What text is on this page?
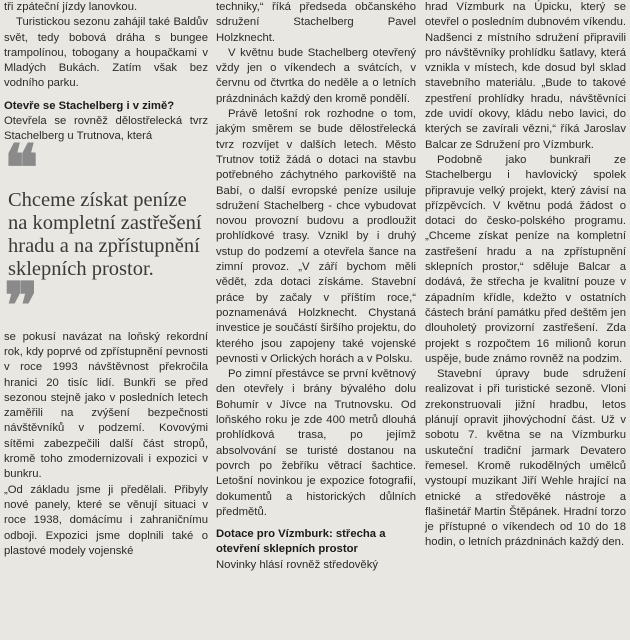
tři zpáteční jízdy lanovkou.

Turistickou sezonu zahájil také Baldův svět, tedy bobová dráha s bungee trampolínou, tobogany a houpačkami v Mladých Bukách. Zatím však bez vodního parku.

Otevře se Stachelberg i v zimě?

Otevřela se rovněž dělostřelecká tvrz Stachelberg u Trutnova, která

❝

Chceme získat peníze na kompletní zastřešení hradu a na zpřístupnění sklepních prostor.

❞

se pokusí navázat na loňský rekordní rok, kdy poprvé od zpřístupnění pevnosti v roce 1993 návštěvnost překročila hranici 20 tisíc lidí. Bunkři se před sezonou stejně jako v posledních letech zaměřili na zvýšení bezpečnosti návštěvníků v podzemí. Kovovými sítěmi zabezpečili další část stropů, kromě toho zmodernizovali i expozici v bunkru.

„Od základu jsme ji předělali. Přibyly nové panely, které se věnují situaci v roce 1938, domácímu i zahraničnímu odboji. Expozici jsme doplnili také o plastové modely vojenské

techniky,“ říká předseda občanského sdružení Stachelberg Pavel Holzknecht.

V květnu bude Stachelberg otevřený vždy jen o víkendech a svátcích, v červnu od čtvrtka do neděle a o letních prázdninách každý den kromě pondělí.

Právě letošní rok rozhodne o tom, jakým směrem se bude dělostřelecká tvrz rozvíjet v dalších letech. Město Trutnov totiž žádá o dotaci na stavbu potřebného záchytného parkoviště na Babí, o další evropské peníze usiluje sdružení Stachelberg - chce vybudovat novou provozní budovu a prodloužit prohlídkové trasy. Vznikl by i druhý vstup do podzemí a otevřela šance na zimní provoz. „V září bychom měli vědět, zda dotaci získáme. Stavební práce by začaly v příštím roce,“ poznamenává Holzknecht. Chystaná investice je součástí širšího projektu, do kterého jsou zapojeny také vojenské pevnosti v Orlických horách a v Polsku.

Po zimní přestávce se první květnový den otevřely i brány bývalého dolu Bohumír v Jívce na Trutnovsku. Od loňského roku je zde 400 metrů dlouhá prohlídková trasa, po jejímž absolvování se turisté dostanou na povrch po žebříku větrací šachtice. Letošní novinkou je expozice fotografií, dokumentů a historických důlních předmětů.

Dotace pro Vízmburk: střecha a otevření sklepních prostor

Novinky hlásí rovněž středověký

hrad Vízmburk na Úpicku, který se otevřel o posledním dubnovém víkendu. Nadšenci z místního sdružení připravili pro návštěvníky prohlídku šatlavy, která vznikla v místech, kde dosud byl sklad stavebního materiálu. „Bude to takové zpestření prohlídky hradu, návštěvníci zde uvidí okovy, kládu nebo lavici, do kterých se zavírali vězni,“ říká Jaroslav Balcar ze Sdružení pro Vízmburk.

Podobně jako bunkraři ze Stachelbergu i havlovický spolek připravuje velký projekt, který závisí na přízpěvcích. V květnu podá žádost o dotaci do česko-polského programu. „Chceme získat peníze na kompletní zastřešení hradu a na zpřístupnění sklepních prostor,“ sděluje Balcar a dodává, že střecha je kvalitní pouze v západním křídle, kdežto v ostatních částech brání památku před deštěm jen dlouholetý provizorní zastřešení. Zda projekt s rozpočtem 16 milionů korun uspěje, bude známo rovněž na podzim.

Stavební úpravy bude sdružení realizovat i při turistické sezoně. Vloni zrekonstruovali jižní hradbu, letos plánují opravit jihovýchodní část. Už v sobotu 7. května se na Vízmburku uskuteční tradiční jarmark Devatero řemesel. Kromě rukodělných umělců vystoupí muzikant Jiří Wehle hrající na etnické a středověké nástroje a flašinetář Martin Štěpánek. Hradní torzo je přístupné o víkendech od 10 do 18 hodin, o letních prázdninách každý den.
